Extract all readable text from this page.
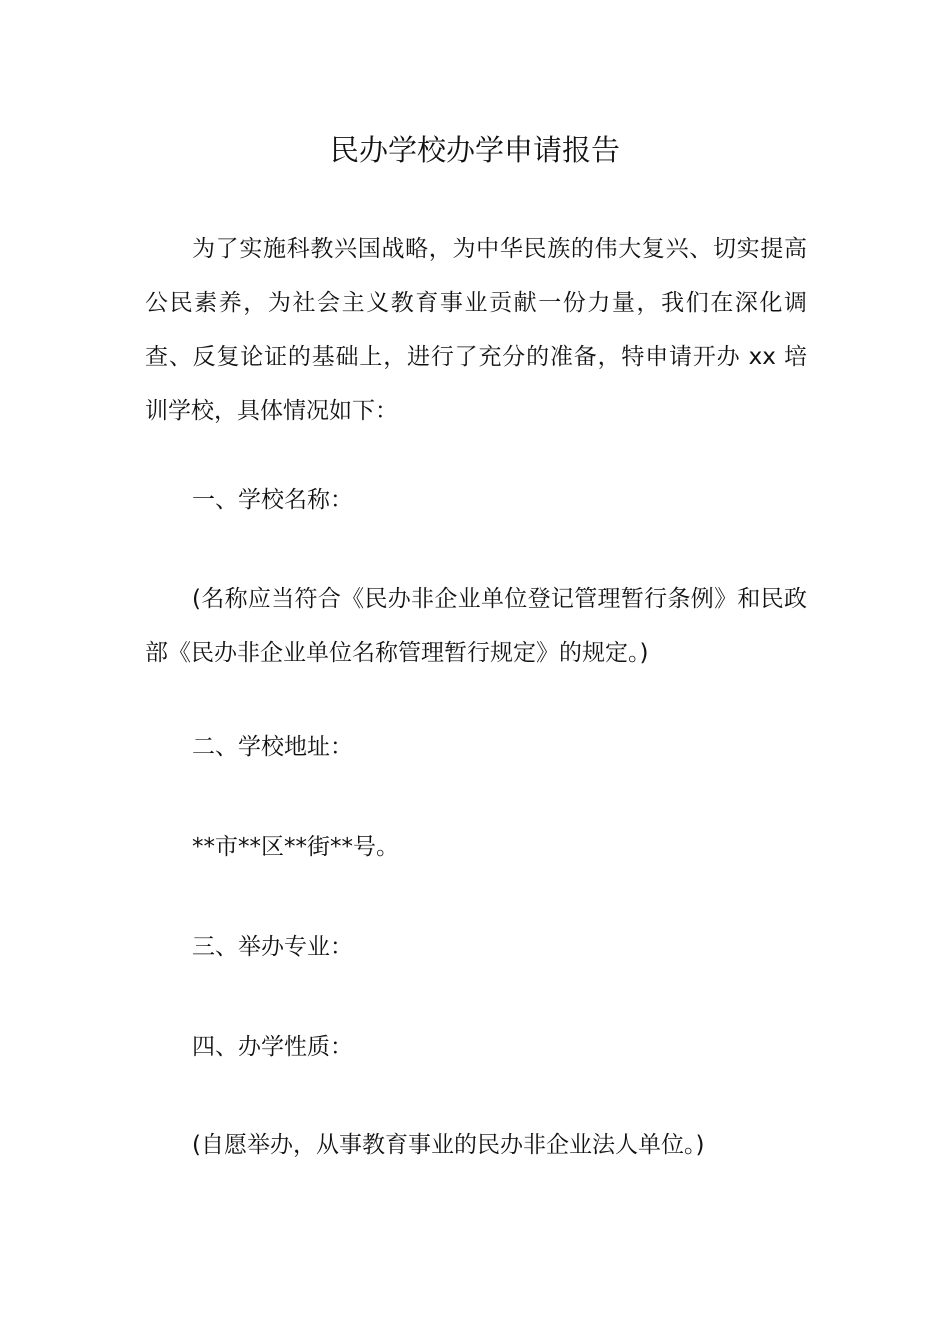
民办学校办学申请报告

为了实施科教兴国战略，为中华民族的伟大复兴、切实提高公民素养，为社会主义教育事业贡献一份力量，我们在深化调查、反复论证的基础上，进行了充分的准备，特申请开办 xx 培训学校，具体情况如下：

一、学校名称：

(名称应当符合《民办非企业单位登记管理暂行条例》和民政部《民办非企业单位名称管理暂行规定》的规定。)

二、学校地址：

**市**区**街**号。

三、举办专业：

四、办学性质：

(自愿举办，从事教育事业的民办非企业法人单位。)
